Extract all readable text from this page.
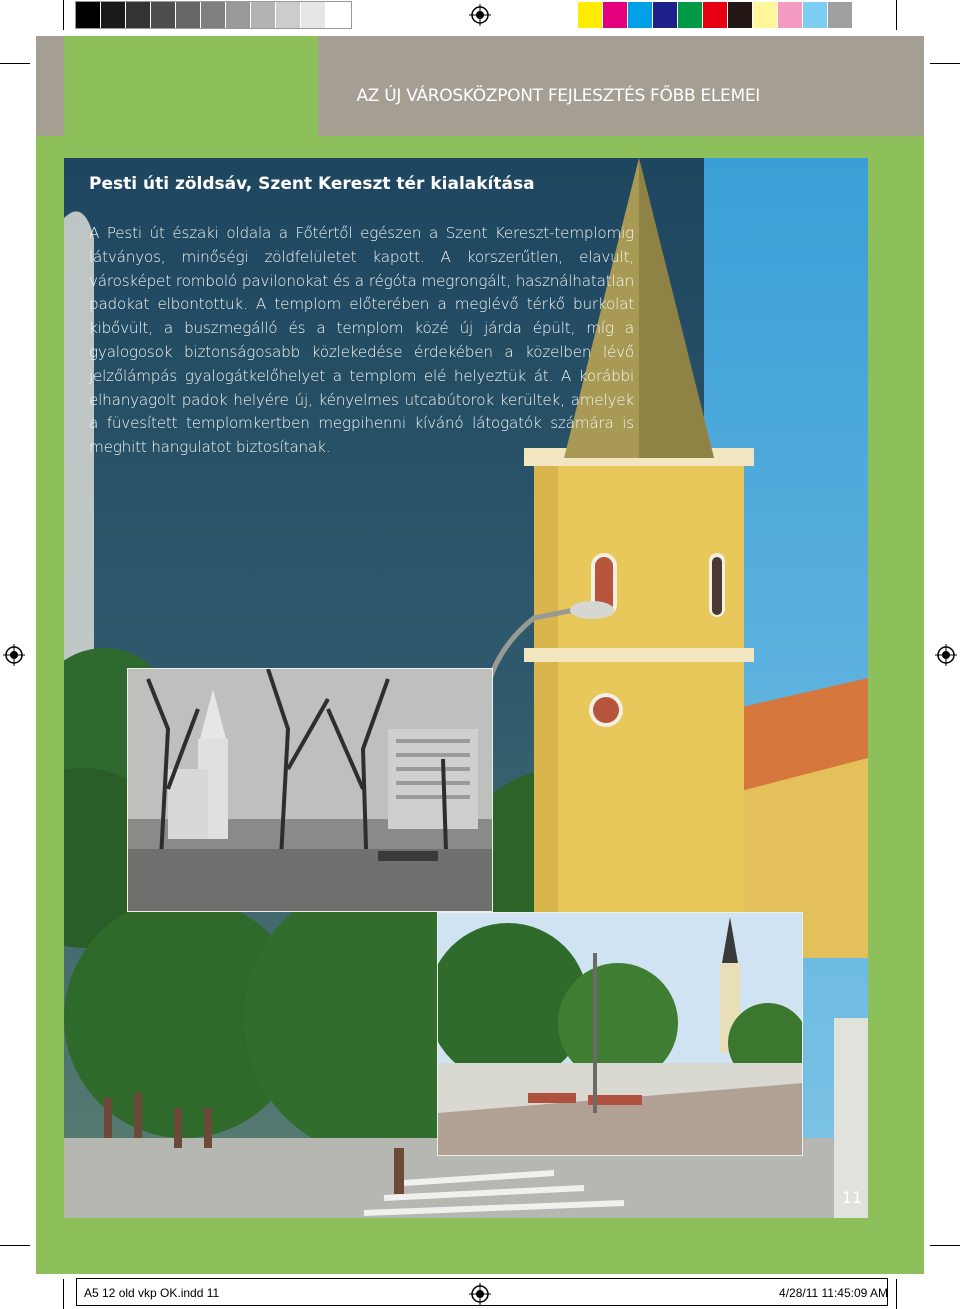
AZ ÚJ VÁROSKÖZPONT FEJLESZTÉS FŐBB ELEMEI
11
Pesti úti zöldsáv, Szent Kereszt tér kialakítása
A Pesti út északi oldala a Főtértől egészen a Szent Kereszt-templomig látványos, minőségi zöldfelületet kapott. A korszerűtlen, elavult, városképet romboló pavilonokat és a régóta megrongált, használhatatlan padokat elbontottuk. A templom előterében a meglévő térkő burkolat kibővült, a buszmegálló és a templom közé új járda épült, míg a gyalogosok biztonságosabb közlekedése érdekében a közelben lévő jelzőlámpás gyalogátkelőhelyet a templom elé helyeztük át. A korábbi elhanyagolt padok helyére új, kényelmes utcabútorok kerültek, amelyek a füvesített templomkertben megpihenni kívánó látogatók számára is meghitt hangulatot biztosítanak.
A5 12 old vkp OK.indd 11	4/28/11 11:45:09 AM
